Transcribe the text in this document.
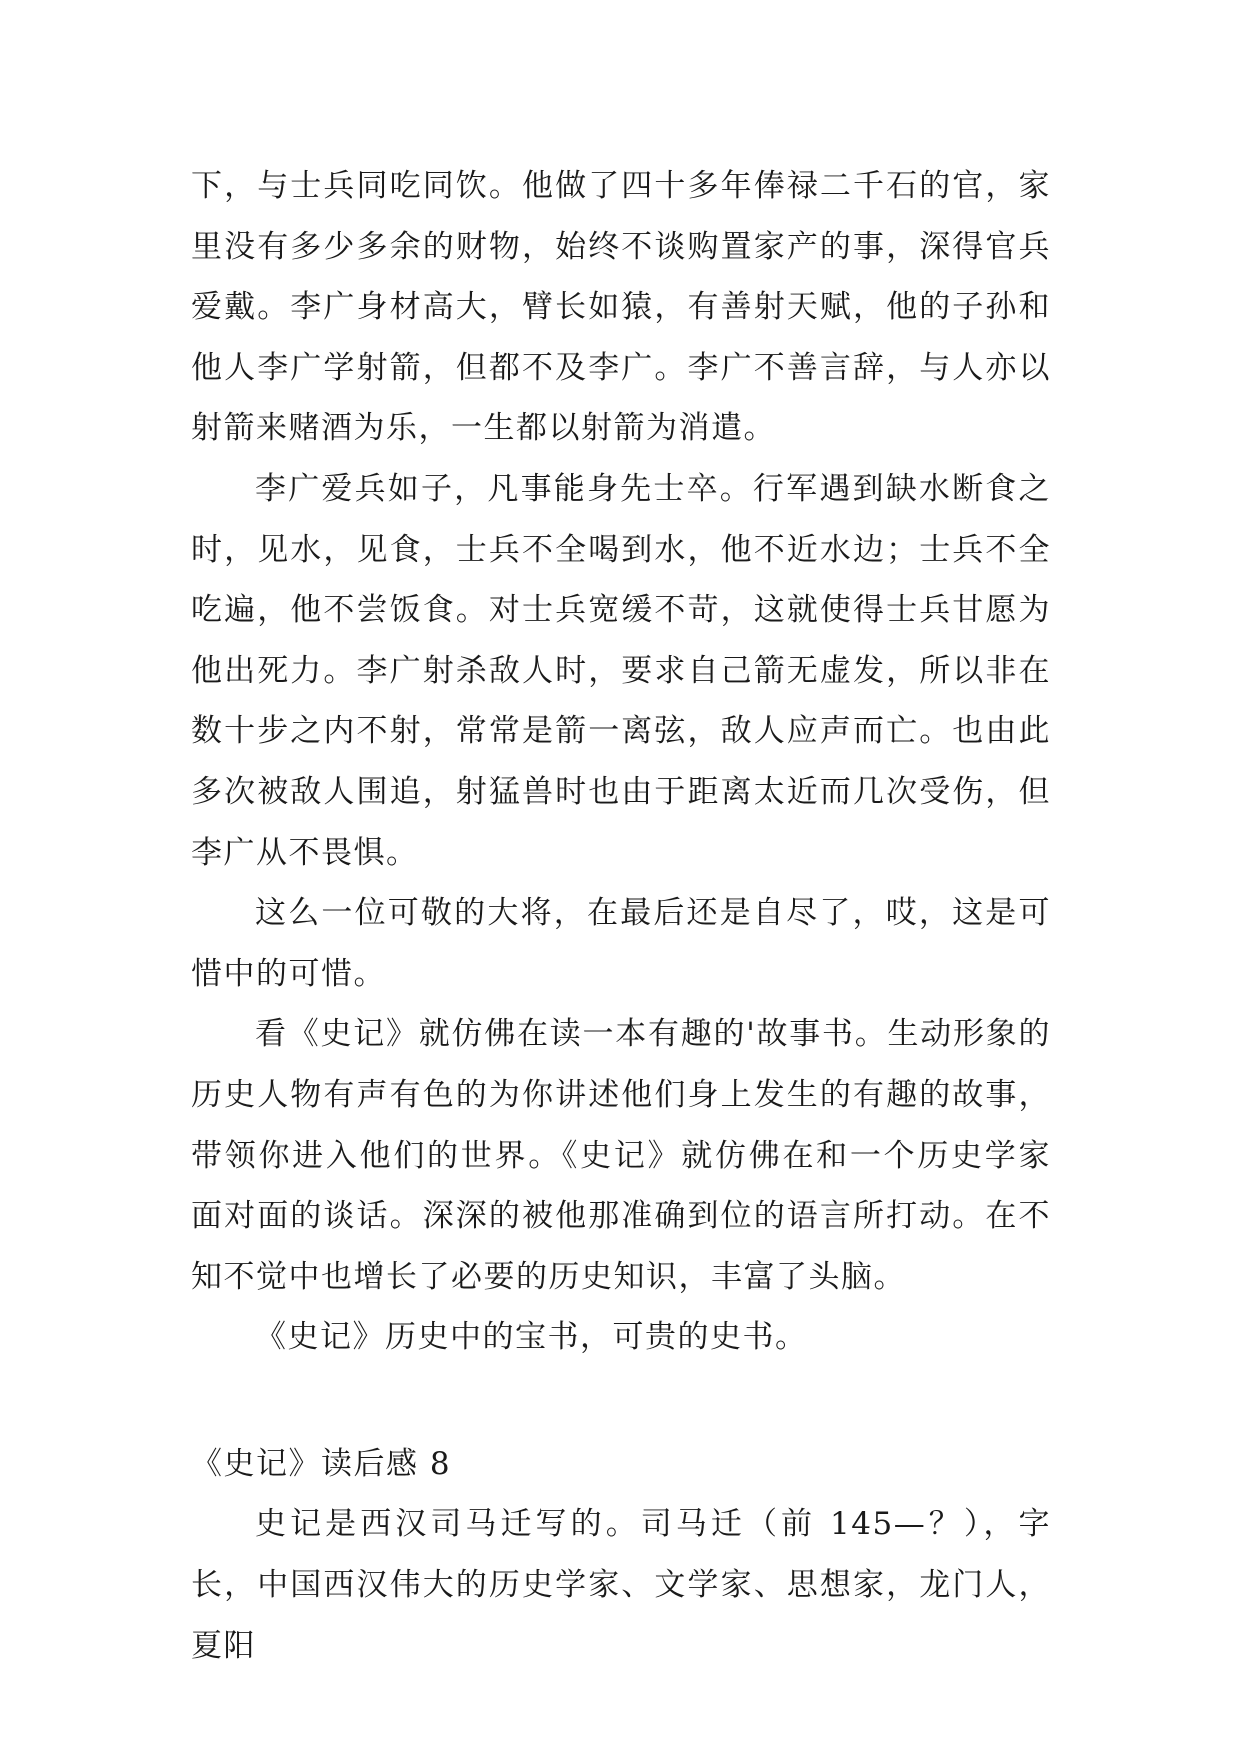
下，与士兵同吃同饮。他做了四十多年俸禄二千石的官，家里没有多少多余的财物，始终不谈购置家产的事，深得官兵爱戴。李广身材高大，臂长如猿，有善射天赋，他的子孙和他人李广学射箭，但都不及李广。李广不善言辞，与人亦以射箭来赌酒为乐，一生都以射箭为消遣。

李广爱兵如子，凡事能身先士卒。行军遇到缺水断食之时，见水，见食，士兵不全喝到水，他不近水边；士兵不全吃遍，他不尝饭食。对士兵宽缓不苛，这就使得士兵甘愿为他出死力。李广射杀敌人时，要求自己箭无虚发，所以非在数十步之内不射，常常是箭一离弦，敌人应声而亡。也由此多次被敌人围追，射猛兽时也由于距离太近而几次受伤，但李广从不畏惧。

这么一位可敬的大将，在最后还是自尽了，哎，这是可惜中的可惜。

看《史记》就仿佛在读一本有趣的'故事书。生动形象的历史人物有声有色的为你讲述他们身上发生的有趣的故事，带领你进入他们的世界。《史记》就仿佛在和一个历史学家面对面的谈话。深深的被他那准确到位的语言所打动。在不知不觉中也增长了必要的历史知识，丰富了头脑。

《史记》历史中的宝书，可贵的史书。

《史记》读后感 8

史记是西汉司马迁写的。司马迁（前 145—？），字长，中国西汉伟大的历史学家、文学家、思想家，龙门人，夏阳
